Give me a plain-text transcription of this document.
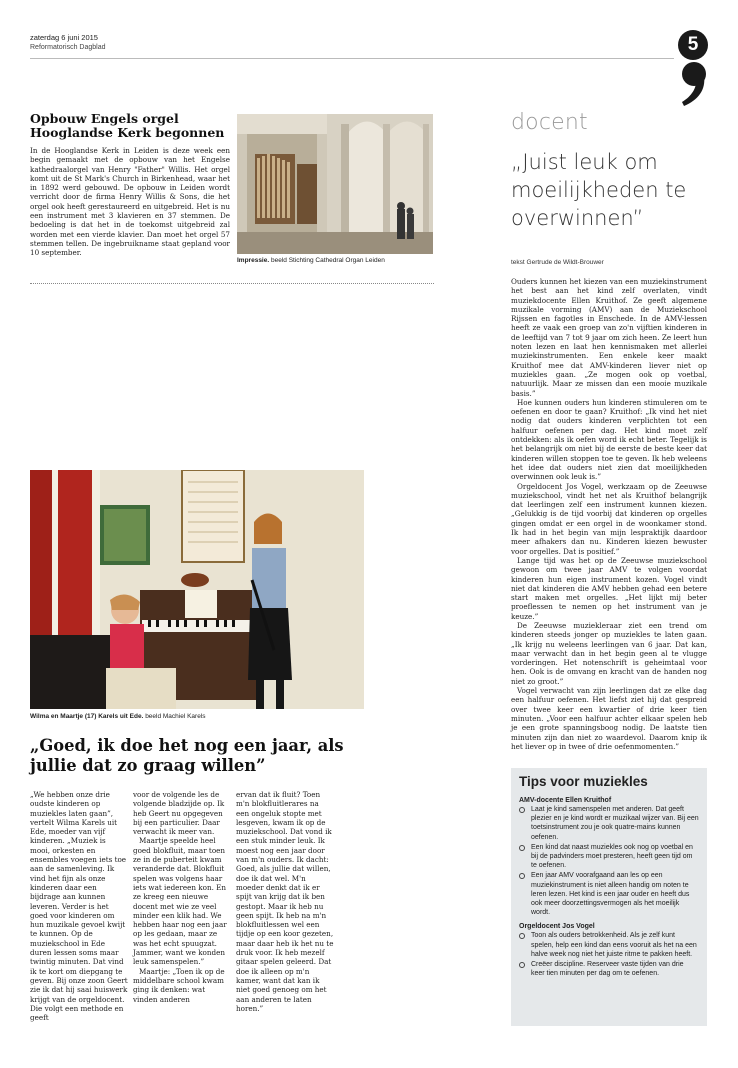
zaterdag 6 juni 2015
Reformatorisch Dagblad	5
Opbouw Engels orgel Hooglandse Kerk begonnen
In de Hooglandse Kerk in Leiden is deze week een begin gemaakt met de opbouw van het Engelse kathedraalorgel van Henry "Father" Willis. Het orgel komt uit de St Mark's Church in Birkenhead, waar het in 1892 werd gebouwd. De opbouw in Leiden wordt verricht door de firma Henry Willis & Sons, die het orgel ook heeft gerestaureerd en uitgebreid. Het is nu een instrument met 3 klavieren en 37 stemmen. De bedoeling is dat het in de toekomst uitgebreid zal worden met een vierde klavier. Dan moet het orgel 57 stemmen tellen. De ingebruikname staat gepland voor 10 september.
Impressie. beeld Stichting Cathedral Organ Leiden
docent
„Juist leuk om moeilijkheden te overwinnen”
tekst Gertrude de Wildt-Brouwer

Ouders kunnen het kiezen van een muziekinstrument het best aan het kind zelf overlaten, vindt muziekdocente Ellen Kruithof. Ze geeft algemene muzikale vorming (AMV) aan de Muziekschool Rijssen en fagotles in Enschede. In de AMV-lessen heeft ze vaak een groep van zo'n vijftien kinderen in de leeftijd van 7 tot 9 jaar om zich heen. Ze leert hun noten lezen en laat hen kennismaken met allerlei muziekinstrumenten. Een enkele keer maakt Kruithof mee dat AMV-kinderen liever niet op muziekles gaan. „Ze mogen ook op voetbal, natuurlijk. Maar ze missen dan een mooie muzikale basis.”

Hoe kunnen ouders hun kinderen stimuleren om te oefenen en door te gaan? Kruithof: „Ik vind het niet nodig dat ouders kinderen verplichten tot een halfuur oefenen per dag. Het kind moet zelf ontdekken: als ik oefen word ik echt beter. Tegelijk is het belangrijk om niet bij de eerste de beste keer dat kinderen willen stoppen toe te geven. Ik heb weleens het idee dat ouders niet zien dat moeilijkheden overwinnen ook leuk is.”

Orgeldocent Jos Vogel, werkzaam op de Zeeuwse muziekschool, vindt het net als Kruithof belangrijk dat leerlingen zelf een instrument kunnen kiezen. „Gelukkig is de tijd voorbij dat kinderen op orgelles gingen omdat er een orgel in de woonkamer stond. Ik had in het begin van mijn lespraktijk daardoor meer afhakers dan nu. Kinderen kiezen bewuster voor orgelles. Dat is positief.”

Lange tijd was het op de Zeeuwse muziekschool gewoon om twee jaar AMV te volgen voordat kinderen hun eigen instrument kozen. Vogel vindt niet dat kinderen die AMV hebben gehad een betere start maken met orgelles. „Het lijkt mij beter proeflessen te nemen op het instrument van je keuze.”

De Zeeuwse muziekleraar ziet een trend om kinderen steeds jonger op muziekles te laten gaan. „Ik krijg nu weleens leerlingen van 6 jaar. Dat kan, maar verwacht dan in het begin geen al te vlugge vorderingen. Het notenschrift is geheimtaal voor hen. Ook is de omvang en kracht van de handen nog niet zo groot.”

Vogel verwacht van zijn leerlingen dat ze elke dag een halfuur oefenen. Het liefst ziet hij dat gespreid over twee keer een kwartier of drie keer tien minuten. „Voor een halfuur achter elkaar spelen heb je een grote spanningsboog nodig. De laatste tien minuten zijn dan niet zo waardevol. Daarom knip ik het liever op in twee of drie oefenmomenten.”

Wilma en Maartje (17) Karels uit Ede. beeld Machiel Karels
„Goed, ik doe het nog een jaar, als jullie dat zo graag willen”

„We hebben onze drie oudste kinderen op muziekles laten gaan”, vertelt Wilma Karels uit Ede, moeder van vijf kinderen. „Muziek is mooi, orkesten en ensembles voegen iets toe aan de samenleving. Ik vind het fijn als onze kinderen daar een bijdrage aan kunnen leveren. Verder is het goed voor kinderen om hun muzikale gevoel kwijt te kunnen. Op de muziekschool in Ede duren lessen soms maar twintig minuten. Dat vind ik te kort om diepgang te geven. Bij onze zoon Geert zie ik dat hij saai huiswerk krijgt van de orgeldocent. Die volgt een methode en geeft

voor de volgende les de volgende bladzijde op. Ik heb Geert nu opgegeven bij een particulier. Daar verwacht ik meer van.

Maartje speelde heel goed blokfluit, maar toen ze in de puberteit kwam veranderde dat. Blokfluit spelen was volgens haar iets wat iedereen kon. En ze kreeg een nieuwe docent met wie ze veel minder een klik had. We hebben haar nog een jaar op les gedaan, maar ze was het echt spuugzat. Jammer, want we konden leuk samenspelen.”

Maartje: „Toen ik op de middelbare school kwam ging ik denken: wat vinden anderen

ervan dat ik fluit? Toen m'n blokfluitlerares na een ongeluk stopte met lesgeven, kwam ik op de muziekschool. Dat vond ik een stuk minder leuk. Ik moest nog een jaar door van m'n ouders. Ik dacht: Goed, als jullie dat willen, doe ik dat wel. M'n moeder denkt dat ik er spijt van krijg dat ik ben gestopt. Maar ik heb nu geen spijt. Ik heb na m'n blokfluitlessen wel een tijdje op een koor gezeten, maar daar heb ik het nu te druk voor. Ik heb mezelf gitaar spelen geleerd. Dat doe ik alleen op m'n kamer, want dat kan ik niet goed genoeg om het aan anderen te laten horen.”

Tips voor muziekles
AMV-docente Ellen Kruithof
Laat je kind samenspelen met anderen. Dat geeft plezier en je kind wordt er muzikaal wijzer van. Bij een toetsinstrument zou je ook quatre-mains kunnen oefenen.
Een kind dat naast muziekles ook nog op voetbal en bij de padvinders moet presteren, heeft geen tijd om te oefenen.
Een jaar AMV voorafgaand aan les op een muziekinstrument is niet alleen handig om noten te leren lezen. Het kind is een jaar ouder en heeft dus ook meer doorzettingsvermogen als het moeilijk wordt.
Orgeldocent Jos Vogel
Toon als ouders betrokkenheid. Als je zelf kunt spelen, help een kind dan eens vooruit als het na een halve week nog niet het juiste ritme te pakken heeft.
Creëer discipline. Reserveer vaste tijden van drie keer tien minuten per dag om te oefenen.
